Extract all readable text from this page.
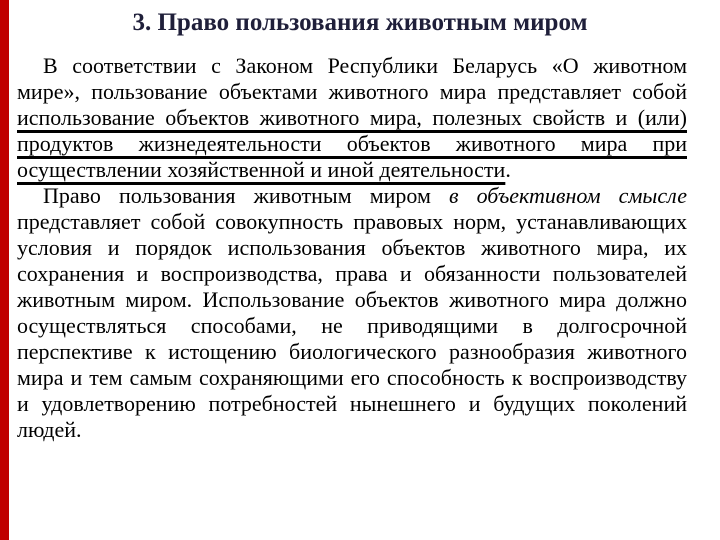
3. Право пользования животным миром

В соответствии с Законом Республики Беларусь «О животном мире», пользование объектами животного мира представляет собой использование объектов животного мира, полезных свойств и (или) продуктов жизнедеятельности объектов животного мира при осуществлении хозяйственной и иной деятельности.

Право пользования животным миром в объективном смысле представляет собой совокупность правовых норм, устанавливающих условия и порядок использования объектов животного мира, их сохранения и воспроизводства, права и обязанности пользователей животным миром. Использование объектов животного мира должно осуществляться способами, не приводящими в долгосрочной перспективе к истощению биологического разнообразия животного мира и тем самым сохраняющими его способность к воспроизводству и удовлетворению потребностей нынешнего и будущих поколений людей.
